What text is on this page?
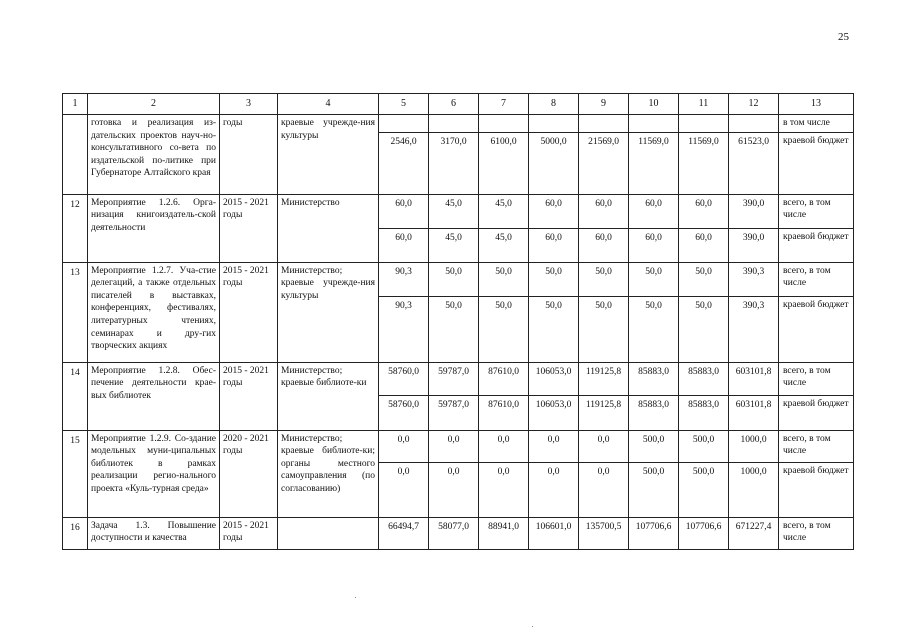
25
1	2	3	4	5	6	7	8	9	10	11	12	13
	готовка и реализация из-дательских проектов науч-но-консультативного со-вета по издательской по-литике при Губернаторе Алтайского края	годы	краевые учрежде-ния культуры									в том числе
				2546,0	3170,0	6100,0	5000,0	21569,0	11569,0	11569,0	61523,0	краевой бюджет
12	Мероприятие 1.2.6. Орга-низация книгоиздатель-ской деятельности	2015 - 2021 годы	Министерство	60,0	45,0	45,0	60,0	60,0	60,0	60,0	390,0	всего, в том числе
				60,0	45,0	45,0	60,0	60,0	60,0	60,0	390,0	краевой бюджет
13	Мероприятие 1.2.7. Уча-стие делегаций, а также отдельных писателей в выставках, конференциях, фестивалях, литературных чтениях, семинарах и дру-гих творческих акциях	2015 - 2021 годы	Министерство; краевые учрежде-ния культуры	90,3	50,0	50,0	50,0	50,0	50,0	50,0	390,3	всего, в том числе
				90,3	50,0	50,0	50,0	50,0	50,0	50,0	390,3	краевой бюджет
14	Мероприятие 1.2.8. Обес-печение деятельности крае-вых библиотек	2015 - 2021 годы	Министерство; краевые библиоте-ки	58760,0	59787,0	87610,0	106053,0	119125,8	85883,0	85883,0	603101,8	всего, в том числе
				58760,0	59787,0	87610,0	106053,0	119125,8	85883,0	85883,0	603101,8	краевой бюджет
15	Мероприятие 1.2.9. Со-здание модельных муни-ципальных библиотек в рамках реализации регио-нального проекта «Куль-турная среда»	2020 - 2021 годы	Министерство; краевые библиоте-ки; органы местного самоуправления (по согласованию)	0,0	0,0	0,0	0,0	0,0	500,0	500,0	1000,0	всего, в том числе
				0,0	0,0	0,0	0,0	0,0	500,0	500,0	1000,0	краевой бюджет
16	Задача 1.3. Повышение доступности и качества	2015 - 2021 годы		66494,7	58077,0	88941,0	106601,0	135700,5	107706,6	107706,6	671227,4	всего, в том числе
